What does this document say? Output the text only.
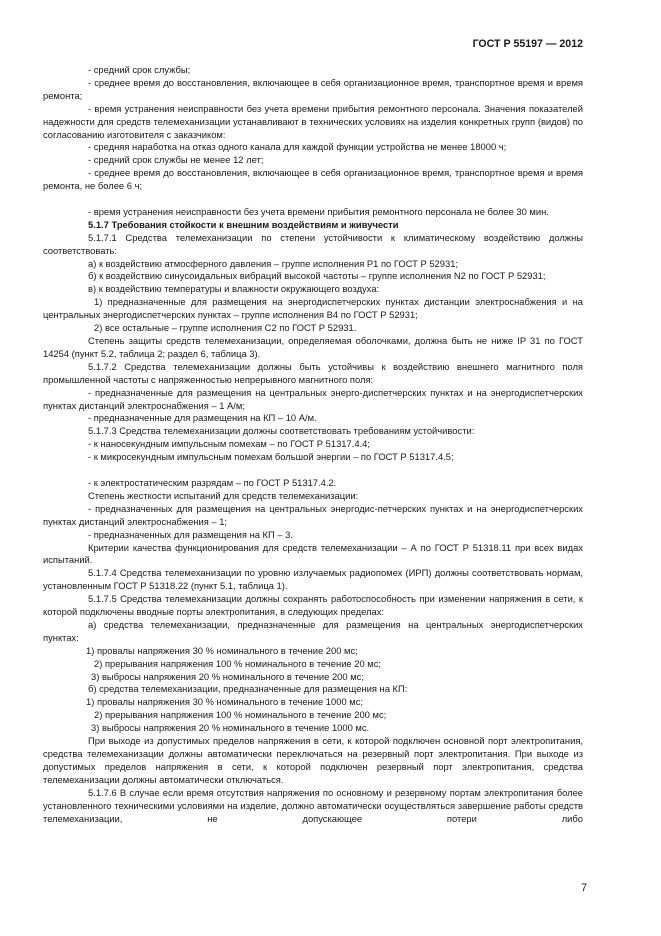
ГОСТ Р 55197 — 2012

- средний срок службы;

- среднее время до восстановления, включающее в себя организационное время, транспортное время и время ремонта;

- время устранения неисправности без учета времени прибытия ремонтного персонала. Значения показателей надежности для средств телемеханизации устанавливают в технических условиях на изделия конкретных групп (видов) по согласованию изготовителя с заказчиком:

- средняя наработка на отказ одного канала для каждой функции устройства не менее 18000 ч;

- средний срок службы не менее 12 лет;

- среднее время до восстановления, включающее в себя организационное время, транспортное время и время ремонта, не более 6 ч;

- время устранения неисправности без учета времени прибытия ремонтного персонала не более 30 мин.

5.1.7 Требования стойкости к внешним воздействиям и живучести

5.1.7.1 Средства телемеханизации по степени устойчивости к климатическому воздействию должны соответствовать:

а) к воздействию атмосферного давления – группе исполнения Р1 по ГОСТ Р 52931;

б) к воздействию синусоидальных вибраций высокой частоты – группе исполнения N2 по ГОСТ Р 52931;

в) к воздействию температуры и влажности окружающего воздуха:

1) предназначенные для размещения на энергодиспетчерских пунктах дистанции электроснабжения и на центральных энергодиспетчерских пунктах – группе исполнения В4 по ГОСТ Р 52931;

2) все остальные – группе исполнения С2 по ГОСТ Р 52931.

Степень защиты средств телемеханизации, определяемая оболочками, должна быть не ниже IP 31 по ГОСТ 14254 (пункт 5.2, таблица 2; раздел 6, таблица 3).

5.1.7.2 Средства телемеханизации должны быть устойчивы к воздействию внешнего магнитного поля промышленной частоты с напряженностью непрерывного магнитного поля:

- предназначенные для размещения на центральных энерго-диспетчерских пунктах и на энергодиспетчерских пунктах дистанций электроснабжения – 1 А/м;

- предназначенные для размещения на КП – 10 А/м.

5.1.7.3 Средства телемеханизации должны соответствовать требованиям устойчивости:

- к наносекундным импульсным помехам – по ГОСТ Р 51317.4.4;

- к микросекундным импульсным помехам большой энергии – по ГОСТ Р 51317.4.5;

- к электростатическим разрядам – по ГОСТ Р 51317.4.2.

Степень жесткости испытаний для средств телемеханизации:

- предназначенных для размещения на центральных энергодис-петчерских пунктах и на энергодиспетчерских пунктах дистанций электроснабжения – 1;

- предназначенных для размещения на КП – 3.

Критерии качества функционирования для средств телемеханизации – А по ГОСТ Р 51318.11 при всех видах испытаний.

5.1.7.4 Средства телемеханизации по уровню излучаемых радиопомех (ИРП) должны соответствовать нормам, установленным ГОСТ Р 51318.22 (пункт 5.1, таблица 1).

5.1.7.5 Средства телемеханизации должны сохранять работоспособность при изменении напряжения в сети, к которой подключены вводные порты электропитания, в следующих пределах:

а) средства телемеханизации, предназначенные для размещения на центральных энергодиспетчерских пунктах:

1) провалы напряжения 30 % номинального в течение 200 мс;

2) прерывания напряжения 100 % номинального в течение 20 мс;

3) выбросы напряжения 20 % номинального в течение 200 мс;

б) средства телемеханизации, предназначенные для размещения на КП:

1) провалы напряжения 30 % номинального в течение 1000 мс;

2) прерывания напряжения 100 % номинального в течение 200 мс;

3) выбросы напряжения 20 % номинального в течение 1000 мс.

При выходе из допустимых пределов напряжения в сети, к которой подключен основной порт электропитания, средства телемеханизации должны автоматически переключаться на резервный порт электропитания. При выходе из допустимых пределов напряжения в сети, к которой подключен резервный порт электропитания, средства телемеханизации должны автоматически отключаться.

5.1.7.6 В случае если время отсутствия напряжения по основному и резервному портам электропитания более установленного техническими условиями на изделие, должно автоматически осуществляться завершение работы средств телемеханизации, не допускающее потери либо

7
